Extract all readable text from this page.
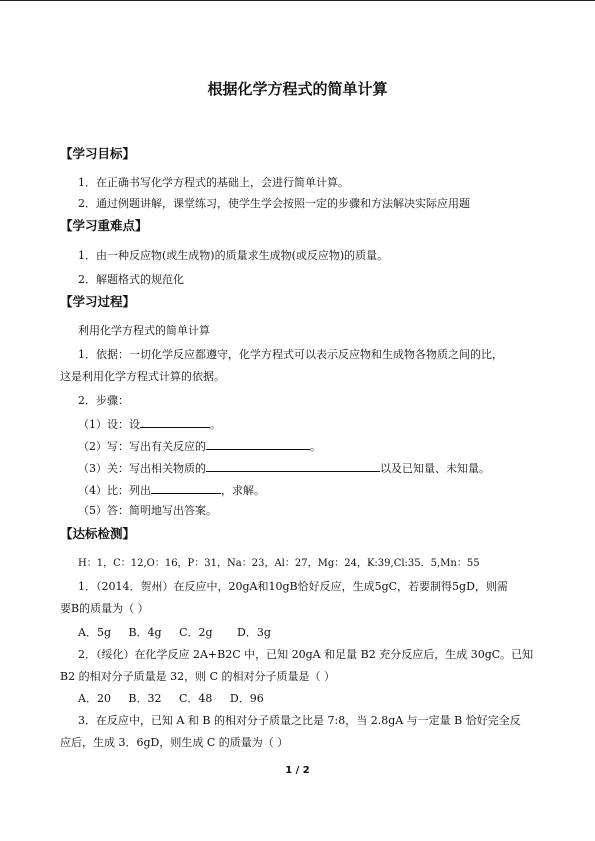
根据化学方程式的简单计算
【学习目标】
1．在正确书写化学方程式的基础上，会进行简单计算。
2．通过例题讲解，课堂练习，使学生学会按照一定的步骤和方法解决实际应用题
【学习重难点】
1．由一种反应物(或生成物)的质量求生成物(或反应物)的质量。
2．解题格式的规范化
【学习过程】
利用化学方程式的简单计算
1．依据：一切化学反应都遵守，化学方程式可以表示反应物和生成物各物质之间的比，
这是利用化学方程式计算的依据。
2．步骤：
（1）设：设	。
（2）写：写出有关反应的	。
（3）关：写出相关物质的	以及已知量、未知量。
（4）比：列出	，求解。
（5）答：简明地写出答案。
【达标检测】
H：1，C：12,O：16，P：31，Na：23，Al：27，Mg：24，K:39,Cl:35．5,Mn：55
1．（2014．贺州）在反应中，20gA和10gB恰好反应，生成5gC，若要制得5gD，则需
要B的质量为（ ）
A．5g     B．4g     C．2g       D．3g
2．（绥化）在化学反应 2A+B2C 中，已知 20gA 和足量 B2 充分反应后，生成 30gC。已知
B2 的相对分子质量是 32，则 C 的相对分子质量是（ ）
A．20     B．32     C．48     D．96
3．在反应中，已知 A 和 B 的相对分子质量之比是 7:8，当 2.8gA 与一定量 B 恰好完全反
应后，生成 3．6gD，则生成 C 的质量为（ ）
1 / 2
